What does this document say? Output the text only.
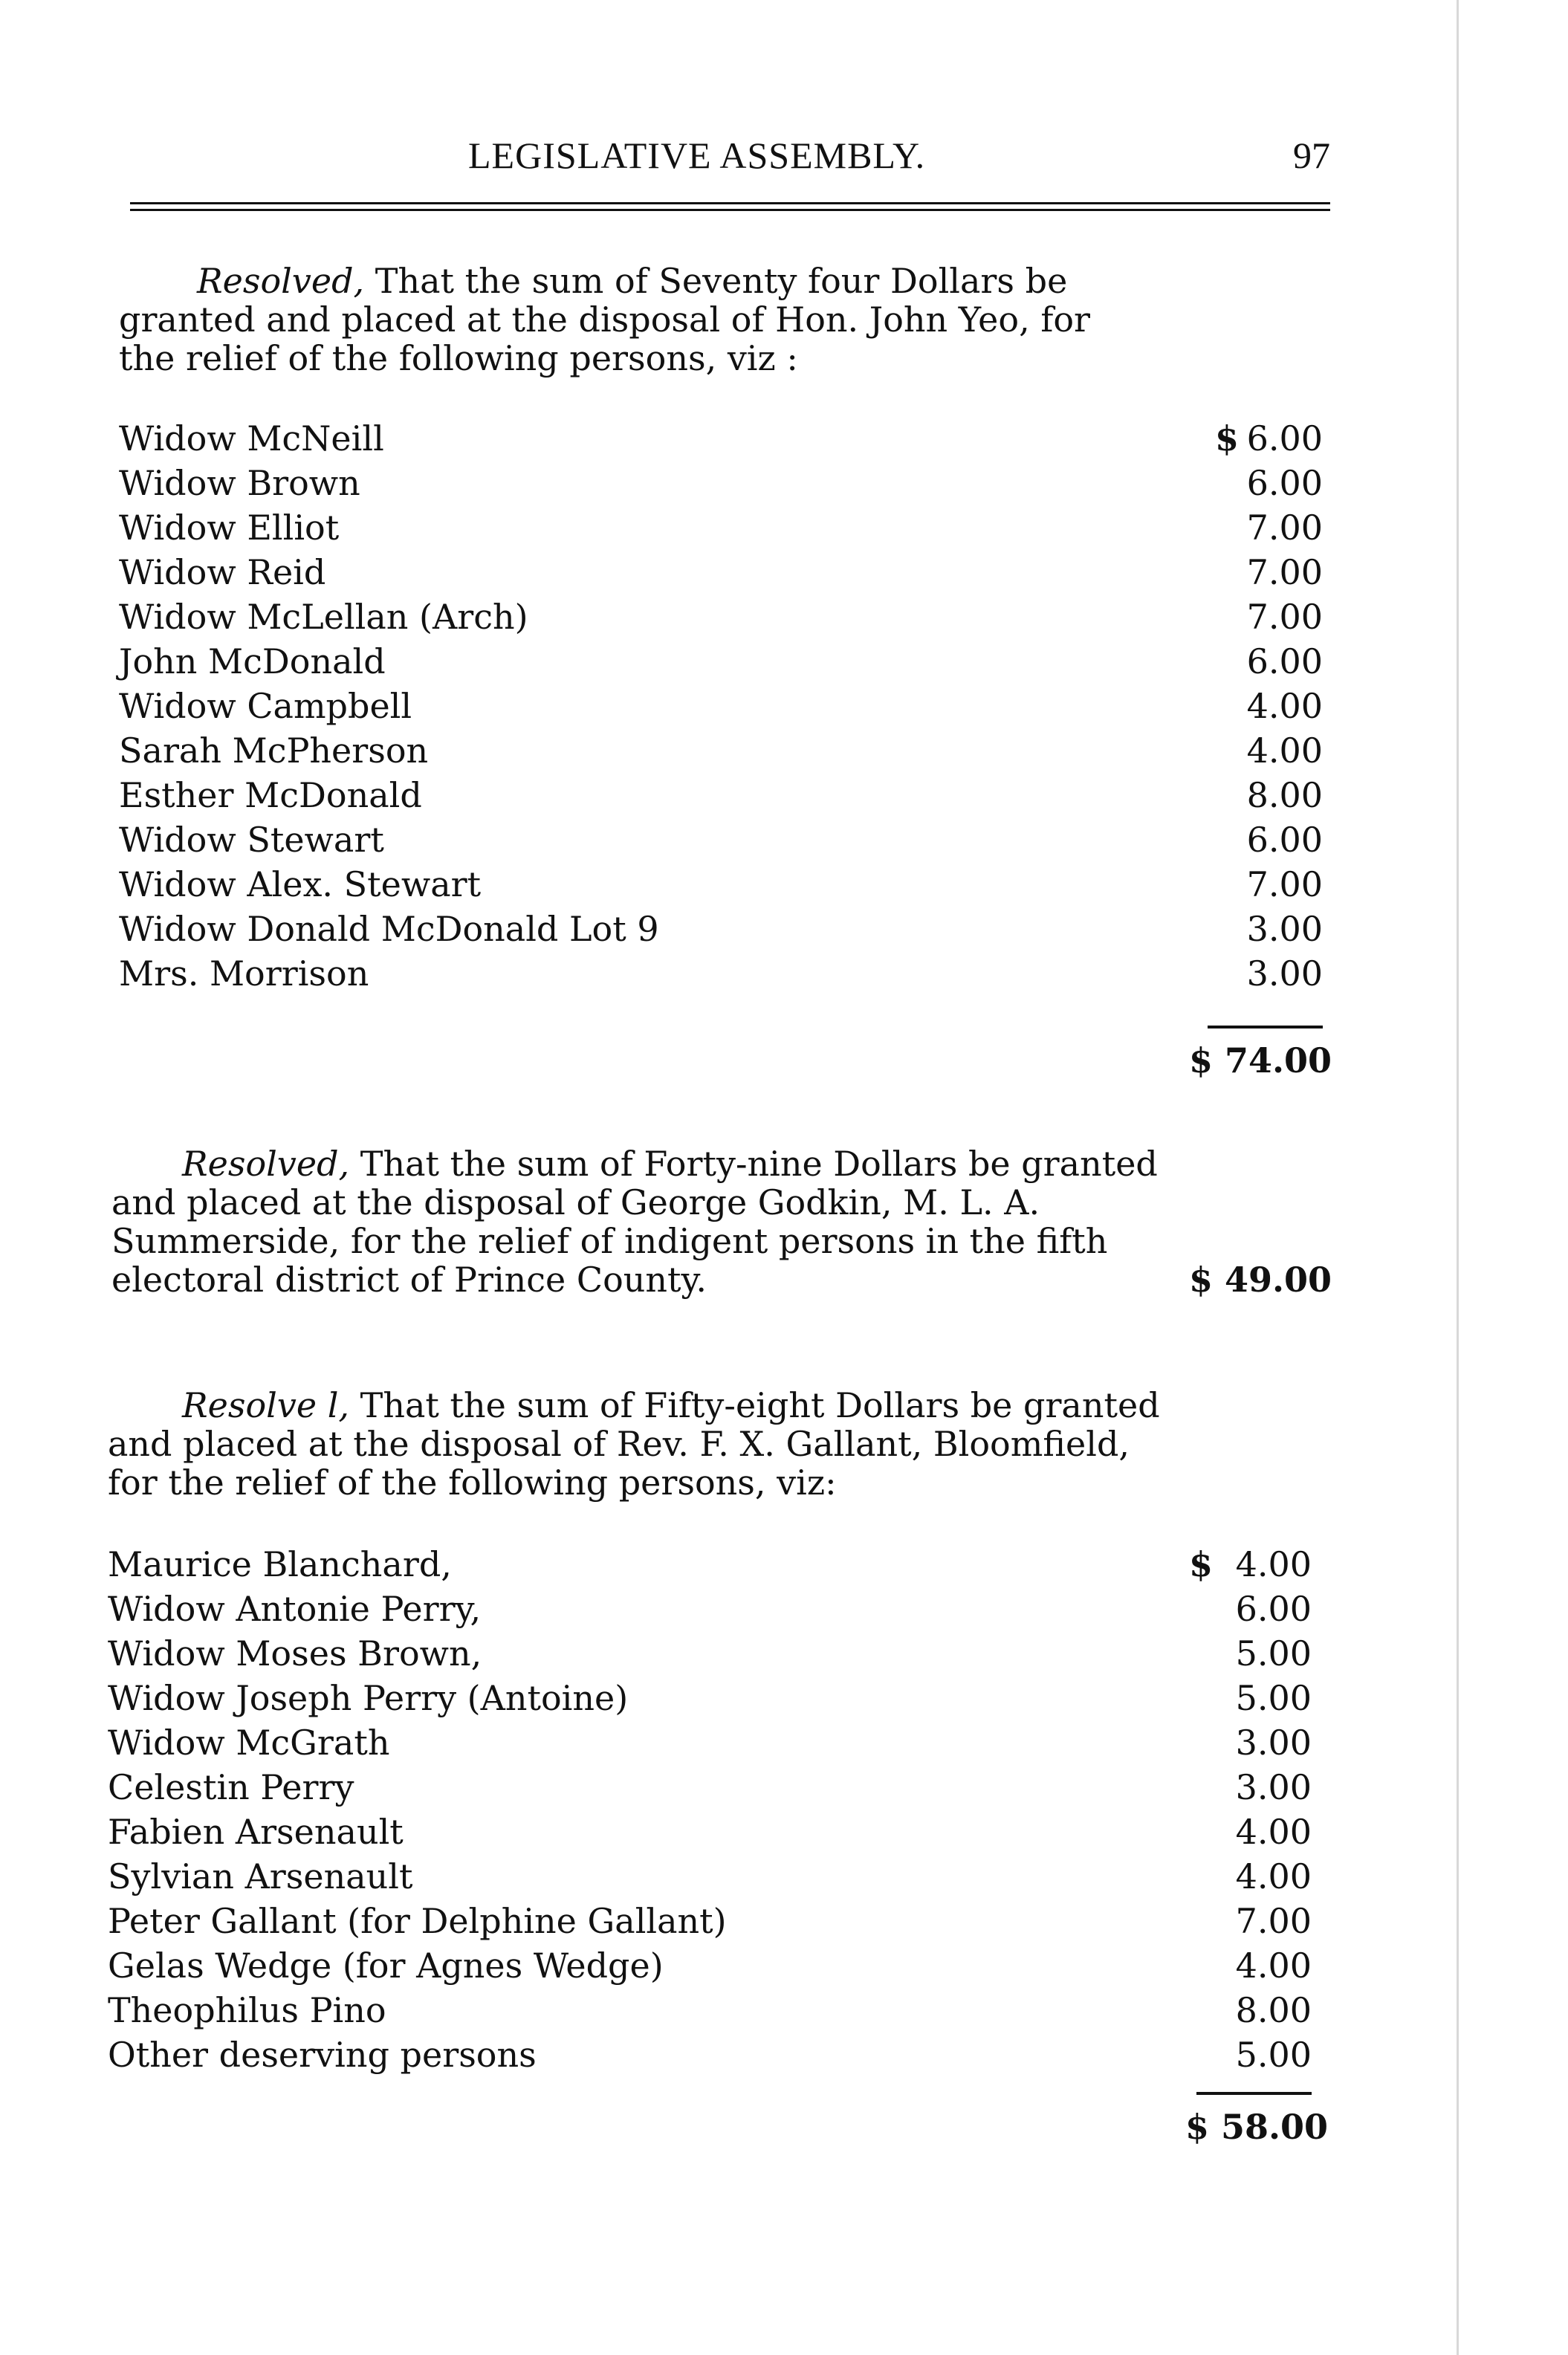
LEGISLATIVE ASSEMBLY.	97
Resolved, That the sum of Seventy four Dollars be
granted and placed at the disposal of Hon. John Yeo, for
the relief of the following persons, viz :
Widow McNeill	$ 6.00
Widow Brown	6.00
Widow Elliot	7.00
Widow Reid	7.00
Widow McLellan (Arch)	7.00
John McDonald	6.00
Widow Campbell	4.00
Sarah McPherson	4.00
Esther McDonald	8.00
Widow Stewart	6.00
Widow Alex. Stewart	7.00
Widow Donald McDonald Lot 9	3.00
Mrs. Morrison	3.00
$ 74.00
Resolved, That the sum of Forty-nine Dollars be granted
and placed at the disposal of George Godkin, M. L. A.
Summerside, for the relief of indigent persons in the fifth
electoral district of Prince County.	$ 49.00
Resolve l, That the sum of Fifty-eight Dollars be granted
and placed at the disposal of Rev. F. X. Gallant, Bloomfield,
for the relief of the following persons, viz:
Maurice Blanchard,	$ 4.00
Widow Antonie Perry,	6.00
Widow Moses Brown,	5.00
Widow Joseph Perry (Antoine)	5.00
Widow McGrath	3.00
Celestin Perry	3.00
Fabien Arsenault	4.00
Sylvian Arsenault	4.00
Peter Gallant (for Delphine Gallant)	7.00
Gelas Wedge (for Agnes Wedge)	4.00
Theophilus Pino	8.00
Other deserving persons	5.00
$ 58.00
